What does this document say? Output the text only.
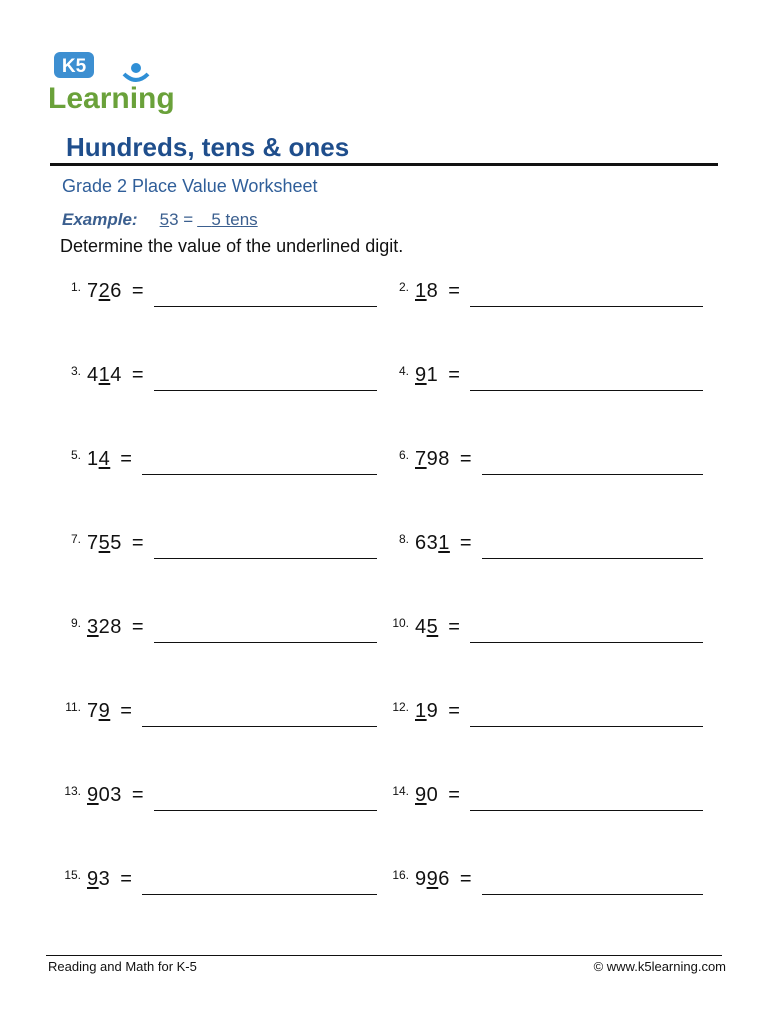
K5
Learning
Hundreds, tens & ones
Grade 2 Place Value Worksheet
Example: 53 = 5 tens
Determine the value of the underlined digit.
1. 726 =	2. 18 =
3. 414 =	4. 91 =
5. 14 =	6. 798 =
7. 755 =	8. 631 =
9. 328 =	10. 45 =
11. 79 =	12. 19 =
13. 903 =	14. 90 =
15. 93 =	16. 996 =
Reading and Math for K-5	© www.k5learning.com
